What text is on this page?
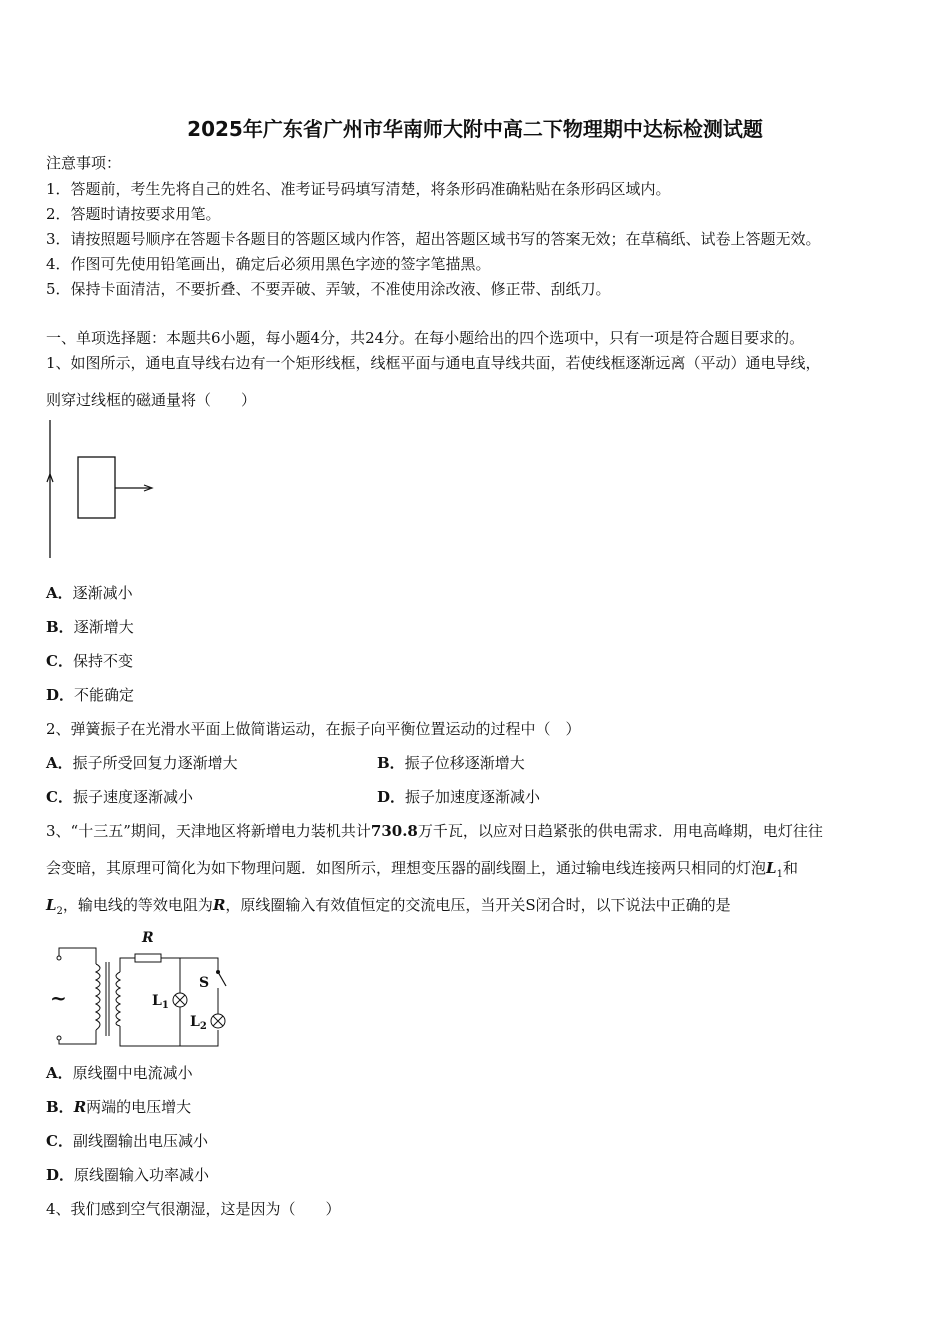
2025年广东省广州市华南师大附中高二下物理期中达标检测试题
注意事项：
1．答题前，考生先将自己的姓名、准考证号码填写清楚，将条形码准确粘贴在条形码区域内。
2．答题时请按要求用笔。
3．请按照题号顺序在答题卡各题目的答题区域内作答，超出答题区域书写的答案无效；在草稿纸、试卷上答题无效。
4．作图可先使用铅笔画出，确定后必须用黑色字迹的签字笔描黑。
5．保持卡面清洁，不要折叠、不要弄破、弄皱，不准使用涂改液、修正带、刮纸刀。
一、单项选择题：本题共6小题，每小题4分，共24分。在每小题给出的四个选项中，只有一项是符合题目要求的。
1、如图所示，通电直导线右边有一个矩形线框，线框平面与通电直导线共面，若使线框逐渐远离（平动）通电导线，
则穿过线框的磁通量将（　　）
A．逐渐减小
B．逐渐增大
C．保持不变
D．不能确定
2、弹簧振子在光滑水平面上做简谐运动，在振子向平衡位置运动的过程中（　）
A．振子所受回复力逐渐增大	B．振子位移逐渐增大
C．振子速度逐渐减小	D．振子加速度逐渐减小
3、“十三五”期间，天津地区将新增电力装机共计730.8万千瓦，以应对日趋紧张的供电需求．用电高峰期，电灯往往
会变暗，其原理可简化为如下物理问题．如图所示，理想变压器的副线圈上，通过输电线连接两只相同的灯泡$L_1$和
$L_2$，输电线的等效电阻为R，原线圈输入有效值恒定的交流电压，当开关S闭合时，以下说法中正确的是
~
R
$L_1$
S
$L_2$
A．原线圈中电流减小
B．R两端的电压增大
C．副线圈输出电压减小
D．原线圈输入功率减小
4、我们感到空气很潮湿，这是因为（　　）
